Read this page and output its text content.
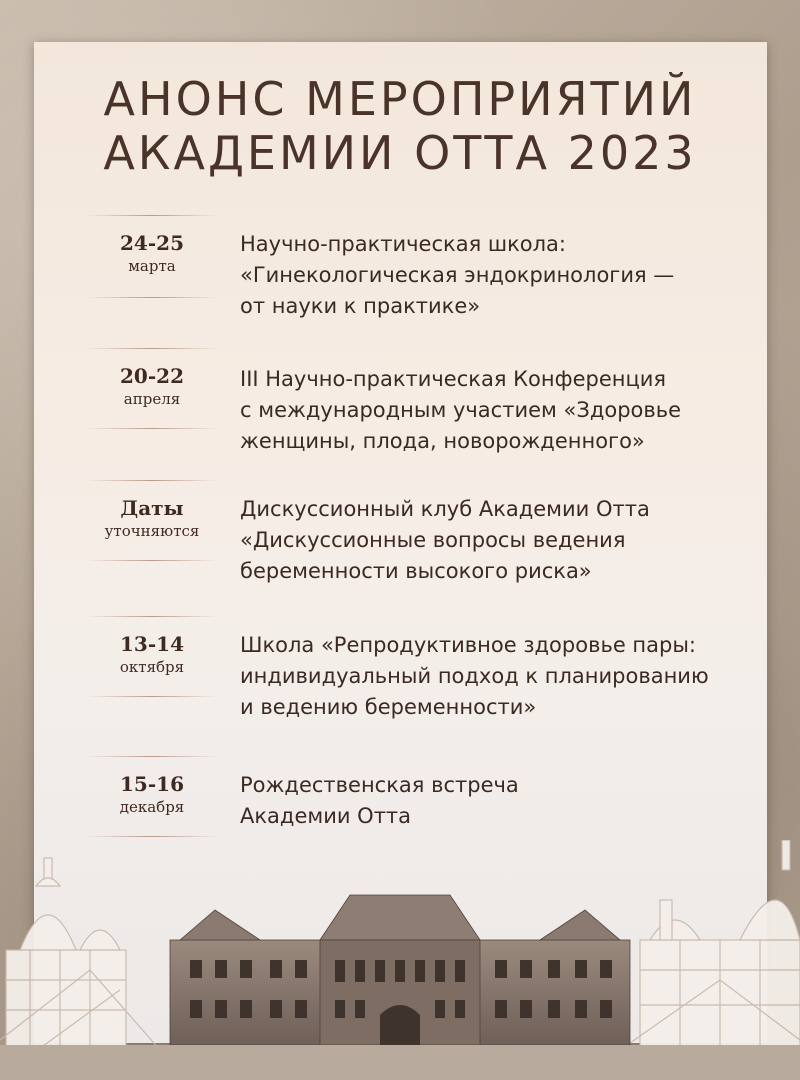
АНОНС МЕРОПРИЯТИЙ
АКАДЕМИИ ОТТА 2023
24-25
марта
Научно-практическая школа:
«Гинекологическая эндокринология —
от науки к практике»
20-22
апреля
III Научно-практическая Конференция
с международным участием «Здоровье
женщины, плода, новорожденного»
Даты
уточняются
Дискуссионный клуб Академии Отта
«Дискуссионные вопросы ведения
беременности высокого риска»
13-14
октября
Школа «Репродуктивное здоровье пары:
индивидуальный подход к планированию
и ведению беременности»
15-16
декабря
Рождественская встреча
Академии Отта
